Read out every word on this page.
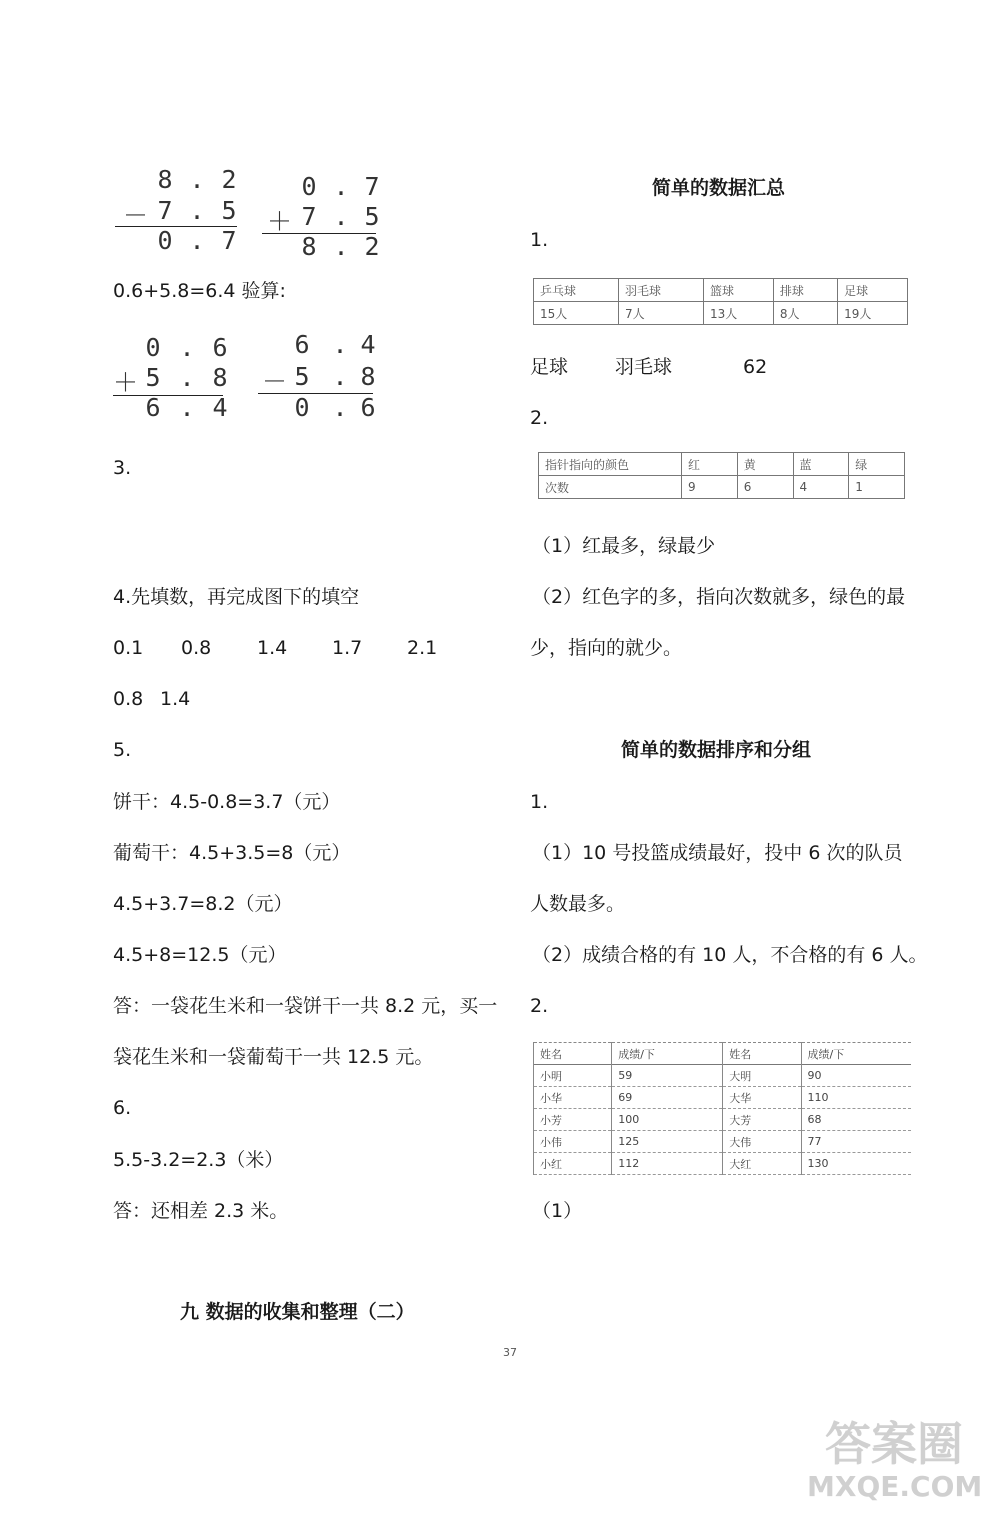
8 . 2
－ 7 . 5
0 . 7
0 . 7
＋ 7 . 5
8 . 2
0.6+5.8=6.4 验算:
0 . 6
＋ 5 . 8
6 . 4
6 . 4
－ 5 . 8
0 . 6
3.
4.先填数，再完成图下的填空
0.1 0.8 1.4 1.7 2.1
0.8 1.4
5.
饼干：4.5-0.8=3.7（元）
葡萄干：4.5+3.5=8（元）
4.5+3.7=8.2（元）
4.5+8=12.5（元）
答：一袋花生米和一袋饼干一共 8.2 元，买一
袋花生米和一袋葡萄干一共 12.5 元。
6.
5.5-3.2=2.3（米）
答：还相差 2.3 米。
九 数据的收集和整理（二）
简单的数据汇总
1.
乒乓球	羽毛球	篮球	排球	足球
15人	7人	13人	8人	19人
足球 羽毛球	62
2.
指针指向的颜色	红	黄	蓝	绿
次数	9	6	4	1
（1）红最多，绿最少
（2）红色字的多，指向次数就多，绿色的最
少，指向的就少。
简单的数据排序和分组
1.
（1）10 号投篮成绩最好，投中 6 次的队员
人数最多。
（2）成绩合格的有 10 人，不合格的有 6 人。
2.
姓名	成绩/下	姓名	成绩/下
小明	59	大明	90
小华	69	大华	110
小芳	100	大芳	68
小伟	125	大伟	77
小红	112	大红	130
（1）
37
答案圈
MXQE.COM
